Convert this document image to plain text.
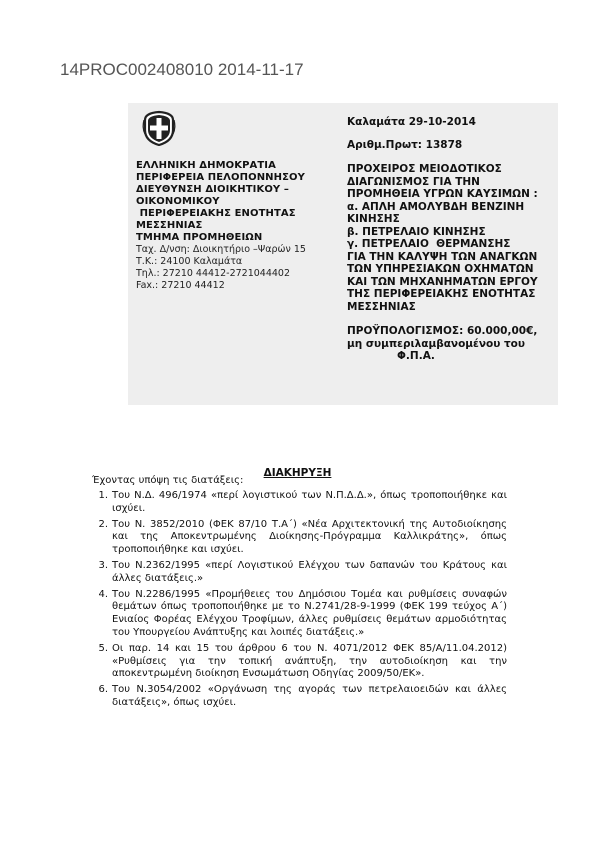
14PROC002408010 2014-11-17
ΕΛΛΗΝΙΚΗ ΔΗΜΟΚΡΑΤΙΑ
ΠΕΡΙΦΕΡΕΙΑ ΠΕΛΟΠΟΝΝΗΣΟΥ
ΔΙΕΥΘΥΝΣΗ ΔΙΟΙΚΗΤΙΚΟΥ –
ΟΙΚΟΝΟΜΙΚΟΥ
ΠΕΡΙΦΕΡΕΙΑΚΗΣ ΕΝΟΤΗΤΑΣ
ΜΕΣΣΗΝΙΑΣ
ΤΜΗΜΑ ΠΡΟΜΗΘΕΙΩΝ
Ταχ. Δ/νση: Διοικητήριο –Ψαρών 15
Τ.Κ.: 24100 Καλαμάτα
Τηλ.: 27210 44412-2721044402
Fax.: 27210 44412
Καλαμάτα 29-10-2014
Αριθμ.Πρωτ: 13878
ΠΡΟΧΕΙΡΟΣ ΜΕΙΟΔΟΤΙΚΟΣ
ΔΙΑΓΩΝΙΣΜΟΣ ΓΙΑ ΤΗΝ
ΠΡΟΜΗΘΕΙΑ ΥΓΡΩΝ ΚΑΥΣΙΜΩΝ :
α. ΑΠΛΗ ΑΜΟΛΥΒΔΗ ΒΕΝΖΙΝΗ
ΚΙΝΗΣΗΣ
β. ΠΕΤΡΕΛΑΙΟ ΚΙΝΗΣΗΣ
γ. ΠΕΤΡΕΛΑΙΟ  ΘΕΡΜΑΝΣΗΣ
ΓΙΑ ΤΗΝ ΚΑΛΥΨΗ ΤΩΝ ΑΝΑΓΚΩΝ
ΤΩΝ ΥΠΗΡΕΣΙΑΚΩΝ ΟΧΗΜΑΤΩΝ
ΚΑΙ ΤΩΝ ΜΗΧΑΝΗΜΑΤΩΝ ΕΡΓΟΥ
ΤΗΣ ΠΕΡΙΦΕΡΕΙΑΚΗΣ ΕΝΟΤΗΤΑΣ
ΜΕΣΣΗΝΙΑΣ
ΠΡΟΫΠΟΛΟΓΙΣΜΟΣ: 60.000,00€,
μη συμπεριλαμβανομένου του
Φ.Π.Α.
ΔΙΑΚΗΡΥΞΗ
Έχοντας υπόψη τις διατάξεις:
1. Του Ν.Δ. 496/1974 «περί λογιστικού των Ν.Π.Δ.Δ.», όπως τροποποιήθηκε και ισχύει.
2. Του Ν. 3852/2010 (ΦΕΚ 87/10 Τ.Α΄) «Νέα Αρχιτεκτονική της Αυτοδιοίκησης και της Αποκεντρωμένης Διοίκησης-Πρόγραμμα Καλλικράτης», όπως τροποποιήθηκε και ισχύει.
3. Του Ν.2362/1995 «περί Λογιστικού Ελέγχου των δαπανών του Κράτους και άλλες διατάξεις.»
4. Του Ν.2286/1995 «Προμήθειες του Δημόσιου Τομέα και ρυθμίσεις συναφών θεμάτων όπως τροποποιήθηκε με το Ν.2741/28-9-1999 (ΦΕΚ 199 τεύχος Α΄) Ενιαίος Φορέας Ελέγχου Τροφίμων, άλλες ρυθμίσεις θεμάτων αρμοδιότητας του Υπουργείου Ανάπτυξης και λοιπές διατάξεις.»
5. Οι παρ. 14 και 15 του άρθρου 6 του Ν. 4071/2012 ΦΕΚ 85/Α/11.04.2012) «Ρυθμίσεις για την τοπική ανάπτυξη, την αυτοδιοίκηση και την αποκεντρωμένη διοίκηση Ενσωμάτωση Οδηγίας 2009/50/ΕΚ».
6. Του Ν.3054/2002 «Οργάνωση της αγοράς των πετρελαιοειδών και άλλες διατάξεις», όπως ισχύει.
